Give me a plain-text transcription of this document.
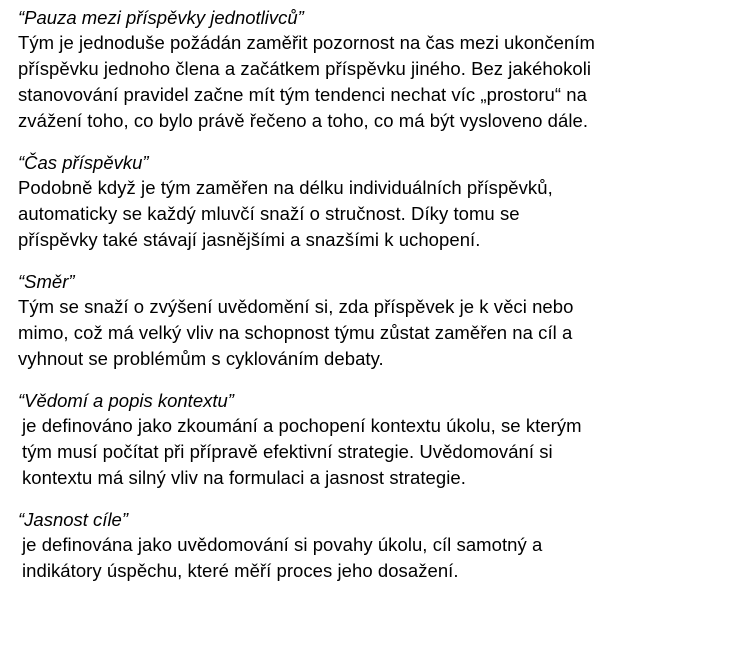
“Pauza mezi příspěvky jednotlivců”
Tým je jednoduše požádán zaměřit pozornost na čas mezi ukončením
příspěvku jednoho člena a začátkem příspěvku jiného. Bez jakéhokoli
stanovování pravidel začne mít tým tendenci nechat víc „prostoru“ na
zvážení toho, co bylo právě řečeno a toho, co má být vysloveno dále.
“Čas příspěvku”
Podobně když je tým zaměřen na délku individuálních příspěvků,
automaticky se každý mluvčí snaží o stručnost. Díky tomu se
příspěvky také stávají jasnějšími a snazšími k uchopení.
“Směr”
Tým se snaží o zvýšení uvědomění si, zda příspěvek je k věci nebo
mimo, což má velký vliv na schopnost týmu zůstat zaměřen na cíl a
vyhnout se problémům s cyklováním debaty.
“Vědomí a popis kontextu”
je definováno jako zkoumání a pochopení kontextu úkolu, se kterým
tým musí počítat při přípravě efektivní strategie. Uvědomování si
kontextu má silný vliv na formulaci a jasnost strategie.
“Jasnost cíle”
je definována jako uvědomování si povahy úkolu, cíl samotný a
indikátory úspěchu, které měří proces jeho dosažení.
